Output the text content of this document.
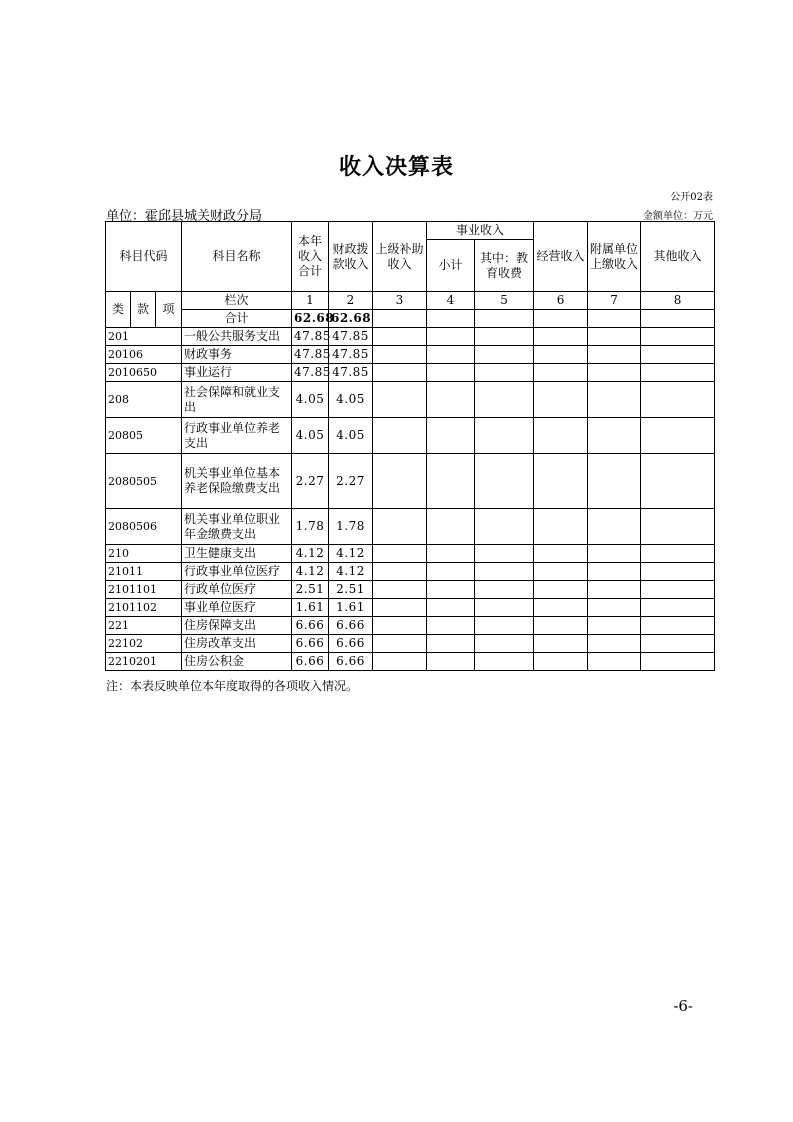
收入决算表
公开02表
单位：霍邱县城关财政分局	金额单位：万元
科目代码			科目名称	本年收入合计	财政拨款收入	上级补助收入	事业收入		经营收入	附属单位上缴收入	其他收入
							小计	其中：教育收费			
类	款	项	栏次	1	2	3	4	5	6	7	8
			合计	62.68	62.68						
201			一般公共服务支出	47.85	47.85						
20106			财政事务	47.85	47.85						
2010650			事业运行	47.85	47.85						
208			社会保障和就业支出	4.05	4.05						
20805			行政事业单位养老支出	4.05	4.05						
2080505			机关事业单位基本养老保险缴费支出	2.27	2.27						
2080506			机关事业单位职业年金缴费支出	1.78	1.78						
210			卫生健康支出	4.12	4.12						
21011			行政事业单位医疗	4.12	4.12						
2101101			行政单位医疗	2.51	2.51						
2101102			事业单位医疗	1.61	1.61						
221			住房保障支出	6.66	6.66						
22102			住房改革支出	6.66	6.66						
2210201			住房公积金	6.66	6.66						
注：本表反映单位本年度取得的各项收入情况。
-6-
